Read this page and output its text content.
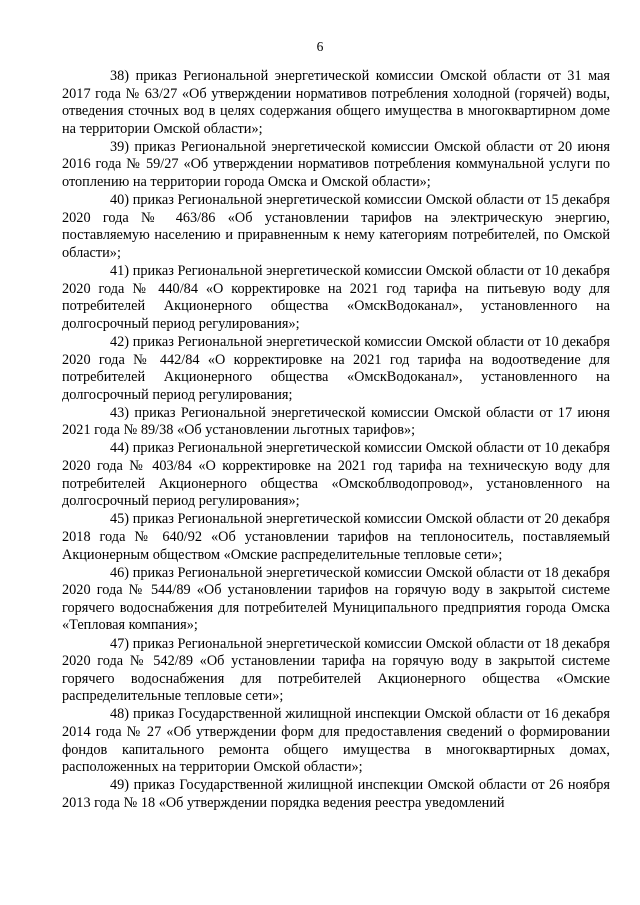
6

38) приказ Региональной энергетической комиссии Омской области от 31 мая 2017 года № 63/27 «Об утверждении нормативов потребления холодной (горячей) воды, отведения сточных вод в целях содержания общего имущества в многоквартирном доме на территории Омской области»;

39) приказ Региональной энергетической комиссии Омской области от 20 июня 2016 года № 59/27 «Об утверждении нормативов потребления коммунальной услуги по отоплению на территории города Омска и Омской области»;

40) приказ Региональной энергетической комиссии Омской области от 15 декабря 2020 года № 463/86 «Об установлении тарифов на электрическую энергию, поставляемую населению и приравненным к нему категориям потребителей, по Омской области»;

41) приказ Региональной энергетической комиссии Омской области от 10 декабря 2020 года № 440/84 «О корректировке на 2021 год тарифа на питьевую воду для потребителей Акционерного общества «ОмскВодоканал», установленного на долгосрочный период регулирования»;

42) приказ Региональной энергетической комиссии Омской области от 10 декабря 2020 года № 442/84 «О корректировке на 2021 год тарифа на водоотведение для потребителей Акционерного общества «ОмскВодоканал», установленного на долгосрочный период регулирования;

43) приказ Региональной энергетической комиссии Омской области от 17 июня 2021 года № 89/38 «Об установлении льготных тарифов»;

44) приказ Региональной энергетической комиссии Омской области от 10 декабря 2020 года № 403/84 «О корректировке на 2021 год тарифа на техническую воду для потребителей Акционерного общества «Омскоблводопровод», установленного на долгосрочный период регулирования»;

45) приказ Региональной энергетической комиссии Омской области от 20 декабря 2018 года № 640/92 «Об установлении тарифов на теплоноситель, поставляемый Акционерным обществом «Омские распределительные тепловые сети»;

46) приказ Региональной энергетической комиссии Омской области от 18 декабря 2020 года № 544/89 «Об установлении тарифов на горячую воду в закрытой системе горячего водоснабжения для потребителей Муниципального предприятия города Омска «Тепловая компания»;

47) приказ Региональной энергетической комиссии Омской области от 18 декабря 2020 года № 542/89 «Об установлении тарифа на горячую воду в закрытой системе горячего водоснабжения для потребителей Акционерного общества «Омские распределительные тепловые сети»;

48) приказ Государственной жилищной инспекции Омской области от 16 декабря 2014 года № 27 «Об утверждении форм для предоставления сведений о формировании фондов капитального ремонта общего имущества в многоквартирных домах, расположенных на территории Омской области»;

49) приказ Государственной жилищной инспекции Омской области от 26 ноября 2013 года № 18 «Об утверждении порядка ведения реестра уведомлений
